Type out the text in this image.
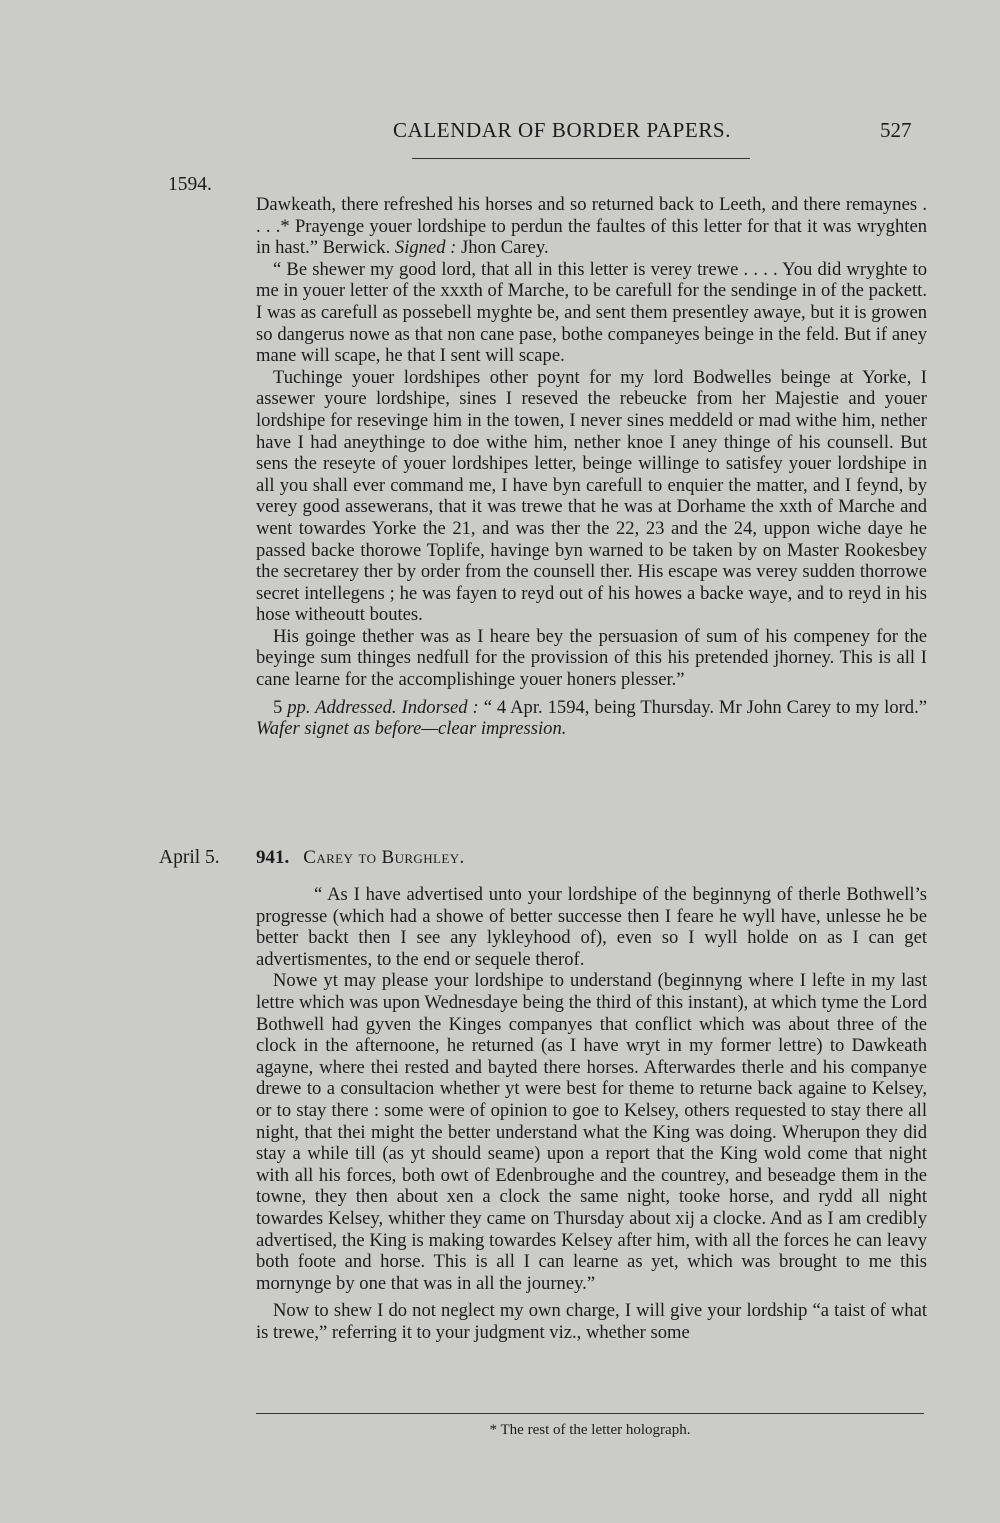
CALENDAR OF BORDER PAPERS.	527
1594.

Dawkeath, there refreshed his horses and so returned back to Leeth, and there remaynes . . . .* Prayenge youer lordshipe to perdun the faultes of this letter for that it was wryghten in hast.” Berwick. Signed : Jhon Carey.

“ Be shewer my good lord, that all in this letter is verey trewe . . . . You did wryghte to me in youer letter of the xxxth of Marche, to be carefull for the sendinge in of the packett. I was as carefull as possebell myghte be, and sent them presentley awaye, but it is growen so dangerus nowe as that non cane pase, bothe companeyes beinge in the feld. But if aney mane will scape, he that I sent will scape.

Tuchinge youer lordshipes other poynt for my lord Bodwelles beinge at Yorke, I assewer youre lordshipe, sines I reseved the rebeucke from her Majestie and youer lordshipe for resevinge him in the towen, I never sines meddeld or mad withe him, nether have I had aneythinge to doe withe him, nether knoe I aney thinge of his counsell. But sens the reseyte of youer lordshipes letter, beinge willinge to satisfey youer lordshipe in all you shall ever command me, I have byn carefull to enquier the matter, and I feynd, by verey good assewerans, that it was trewe that he was at Dorhame the xxth of Marche and went towardes Yorke the 21, and was ther the 22, 23 and the 24, uppon wiche daye he passed backe thorowe Toplife, havinge byn warned to be taken by on Master Rookesbey the secretarey ther by order from the counsell ther. His escape was verey sudden thorrowe secret intellegens ; he was fayen to reyd out of his howes a backe waye, and to reyd in his hose witheoutt boutes.

His goinge thether was as I heare bey the persuasion of sum of his compeney for the beyinge sum thinges nedfull for the provission of this his pretended jhorney. This is all I cane learne for the accomplishinge youer honers plesser.”

5 pp. Addressed. Indorsed : “ 4 Apr. 1594, being Thursday. Mr John Carey to my lord.” Wafer signet as before—clear impression.

April 5. 941. Carey to Burghley.

“ As I have advertised unto your lordshipe of the beginnyng of therle Bothwell’s progresse (which had a showe of better successe then I feare he wyll have, unlesse he be better backt then I see any lykleyhood of), even so I wyll holde on as I can get advertismentes, to the end or sequele therof.

Nowe yt may please your lordshipe to understand (beginnyng where I lefte in my last lettre which was upon Wednesdaye being the third of this instant), at which tyme the Lord Bothwell had gyven the Kinges companyes that conflict which was about three of the clock in the afternoone, he returned (as I have wryt in my former lettre) to Dawkeath agayne, where thei rested and bayted there horses. Afterwardes therle and his companye drewe to a consultacion whether yt were best for theme to returne back againe to Kelsey, or to stay there : some were of opinion to goe to Kelsey, others requested to stay there all night, that thei might the better understand what the King was doing. Wherupon they did stay a while till (as yt should seame) upon a report that the King wold come that night with all his forces, both owt of Edenbroughe and the countrey, and beseadge them in the towne, they then about xen a clock the same night, tooke horse, and rydd all night towardes Kelsey, whither they came on Thursday about xij a clocke. And as I am credibly advertised, the King is making towardes Kelsey after him, with all the forces he can leavy both foote and horse. This is all I can learne as yet, which was brought to me this mornynge by one that was in all the journey.”

Now to shew I do not neglect my own charge, I will give your lordship “a taist of what is trewe,” referring it to your judgment viz., whether some

* The rest of the letter holograph.
